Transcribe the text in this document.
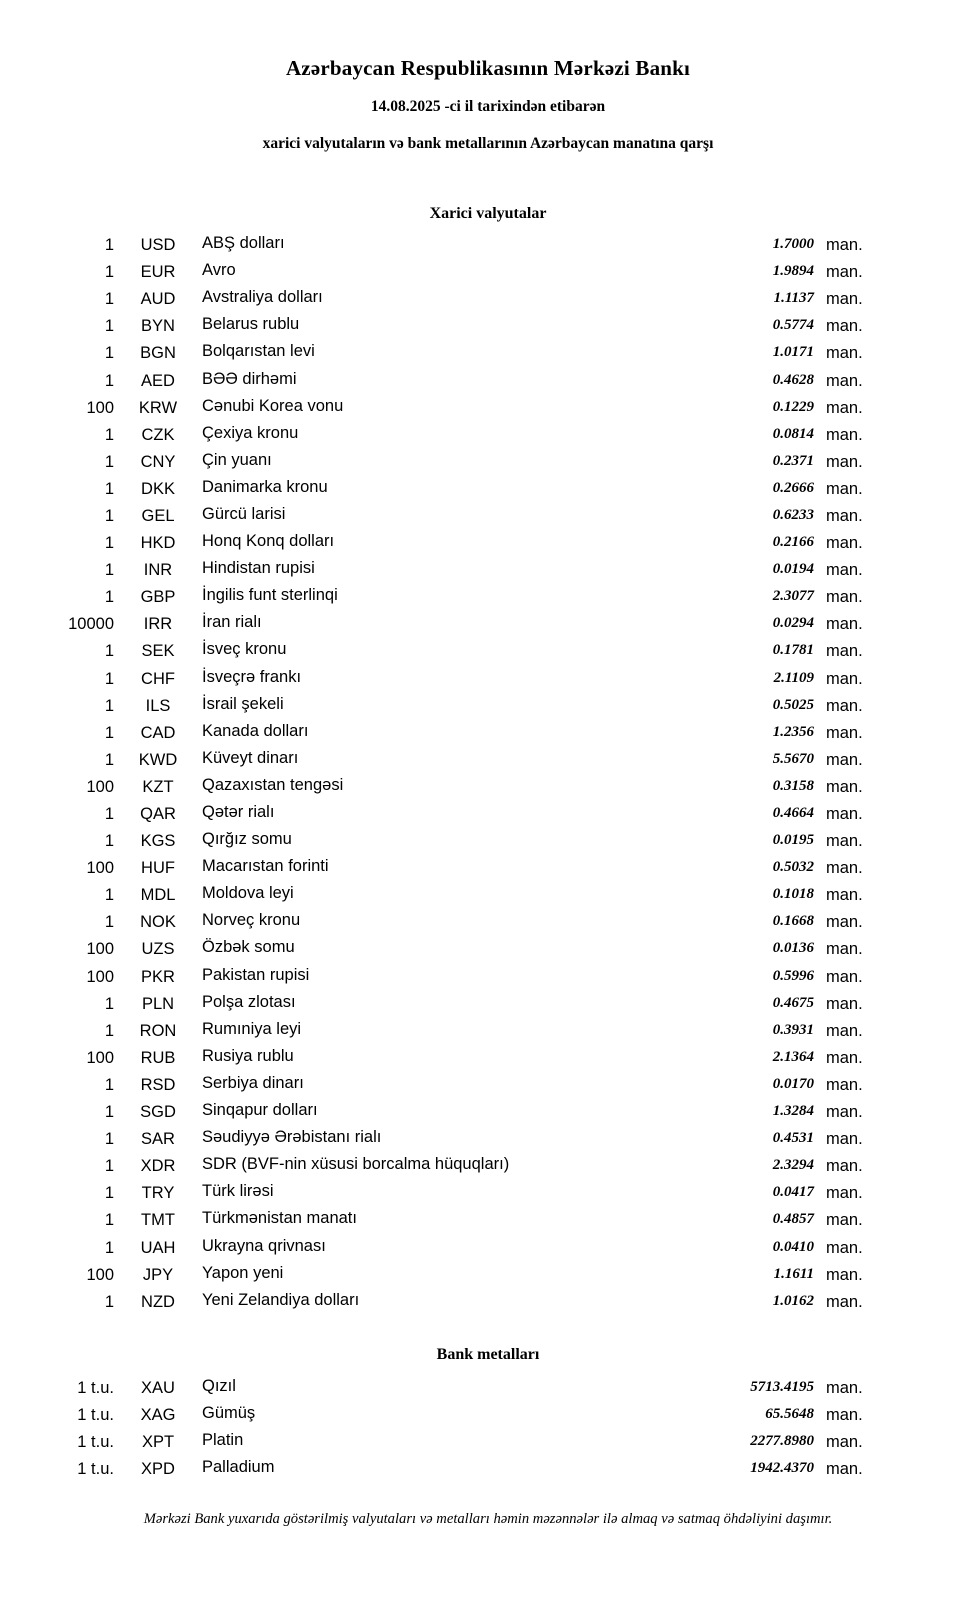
Azərbaycan Respublikasının Mərkəzi Bankı
14.08.2025 -ci il tarixindən etibarən
xarici valyutaların və bank metallarının Azərbaycan manatına qarşı
Xarici valyutalar
1	USD	ABŞ dolları	1.7000 man.
1	EUR	Avro	1.9894 man.
1	AUD	Avstraliya dolları	1.1137 man.
1	BYN	Belarus rublu	0.5774 man.
1	BGN	Bolqarıstan levi	1.0171 man.
1	AED	BƏƏ dirhəmi	0.4628 man.
100	KRW	Cənubi Korea vonu	0.1229 man.
1	CZK	Çexiya kronu	0.0814 man.
1	CNY	Çin yuanı	0.2371 man.
1	DKK	Danimarka kronu	0.2666 man.
1	GEL	Gürcü larisi	0.6233 man.
1	HKD	Honq Konq dolları	0.2166 man.
1	INR	Hindistan rupisi	0.0194 man.
1	GBP	İngilis funt sterlinqi	2.3077 man.
10000	IRR	İran rialı	0.0294 man.
1	SEK	İsveç kronu	0.1781 man.
1	CHF	İsveçrə frankı	2.1109 man.
1	ILS	İsrail şekeli	0.5025 man.
1	CAD	Kanada dolları	1.2356 man.
1	KWD	Küveyt dinarı	5.5670 man.
100	KZT	Qazaxıstan tengəsi	0.3158 man.
1	QAR	Qətər rialı	0.4664 man.
1	KGS	Qırğız somu	0.0195 man.
100	HUF	Macarıstan forinti	0.5032 man.
1	MDL	Moldova leyi	0.1018 man.
1	NOK	Norveç kronu	0.1668 man.
100	UZS	Özbək somu	0.0136 man.
100	PKR	Pakistan rupisi	0.5996 man.
1	PLN	Polşa zlotası	0.4675 man.
1	RON	Rumıniya leyi	0.3931 man.
100	RUB	Rusiya rublu	2.1364 man.
1	RSD	Serbiya dinarı	0.0170 man.
1	SGD	Sinqapur dolları	1.3284 man.
1	SAR	Səudiyyə Ərəbistanı rialı	0.4531 man.
1	XDR	SDR (BVF-nin xüsusi borcalma hüquqları)	2.3294 man.
1	TRY	Türk lirəsi	0.0417 man.
1	TMT	Türkmənistan manatı	0.4857 man.
1	UAH	Ukrayna qrivnası	0.0410 man.
100	JPY	Yapon yeni	1.1611 man.
1	NZD	Yeni Zelandiya dolları	1.0162 man.
Bank metalları
1 t.u.	XAU	Qızıl	5713.4195 man.
1 t.u.	XAG	Gümüş	65.5648 man.
1 t.u.	XPT	Platin	2277.8980 man.
1 t.u.	XPD	Palladium	1942.4370 man.
Mərkəzi Bank yuxarıda göstərilmiş valyutaları və metalları həmin məzənnələr ilə almaq və satmaq öhdəliyini daşımır.
